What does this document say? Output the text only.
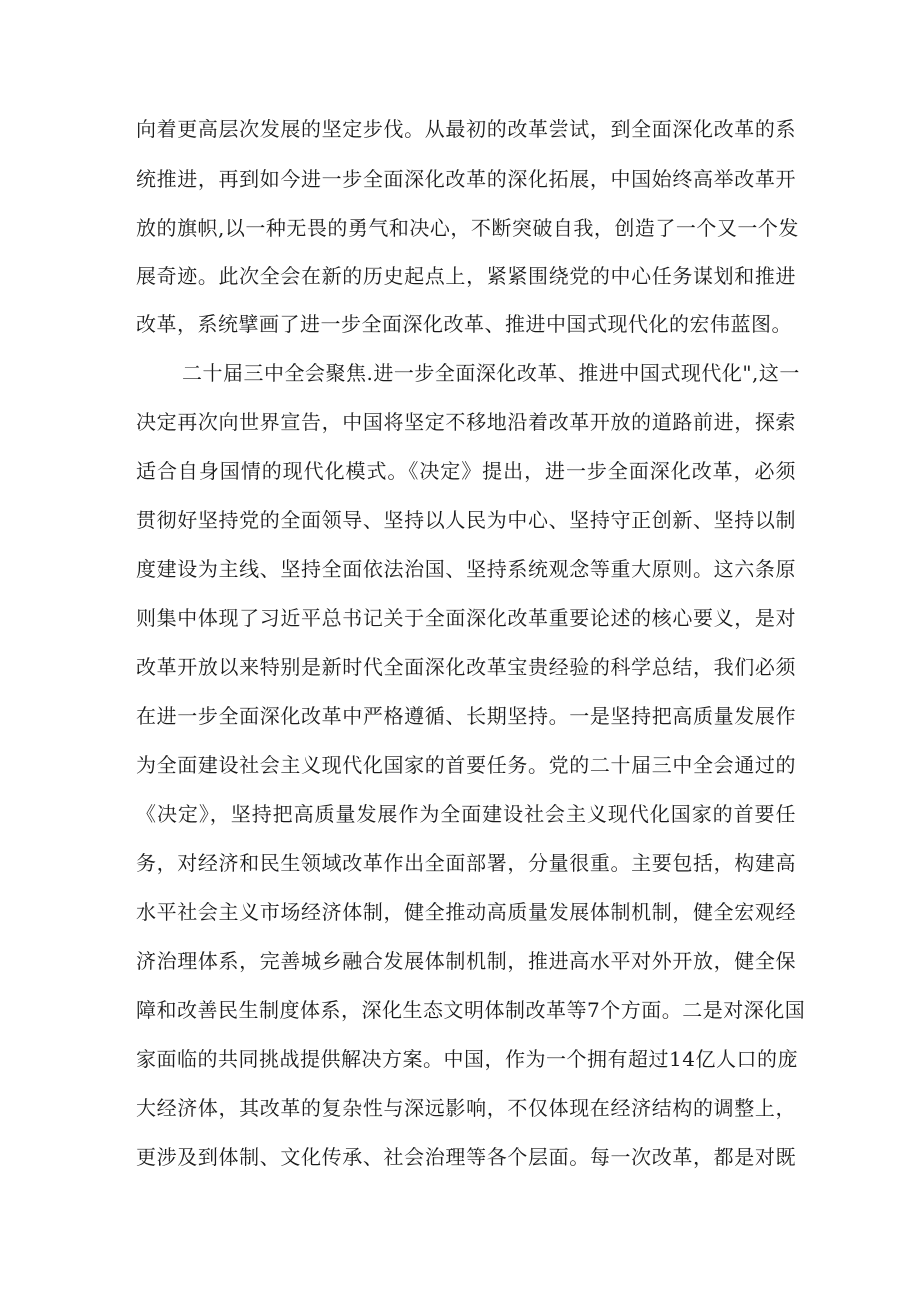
向着更高层次发展的坚定步伐。从最初的改革尝试，到全面深化改革的系
统推进，再到如今进一步全面深化改革的深化拓展，中国始终高举改革开
放的旗帜,以一种无畏的勇气和决心，不断突破自我，创造了一个又一个发
展奇迹。此次全会在新的历史起点上，紧紧围绕党的中心任务谋划和推进
改革，系统擘画了进一步全面深化改革、推进中国式现代化的宏伟蓝图。
二十届三中全会聚焦.进一步全面深化改革、推进中国式现代化",这一
决定再次向世界宣告，中国将坚定不移地沿着改革开放的道路前进，探索
适合自身国情的现代化模式。《决定》提出，进一步全面深化改革，必须
贯彻好坚持党的全面领导、坚持以人民为中心、坚持守正创新、坚持以制
度建设为主线、坚持全面依法治国、坚持系统观念等重大原则。这六条原
则集中体现了习近平总书记关于全面深化改革重要论述的核心要义，是对
改革开放以来特别是新时代全面深化改革宝贵经验的科学总结，我们必须
在进一步全面深化改革中严格遵循、长期坚持。一是坚持把高质量发展作
为全面建设社会主义现代化国家的首要任务。党的二十届三中全会通过的
《决定》，坚持把高质量发展作为全面建设社会主义现代化国家的首要任
务，对经济和民生领域改革作出全面部署，分量很重。主要包括，构建高
水平社会主义市场经济体制，健全推动高质量发展体制机制，健全宏观经
济治理体系，完善城乡融合发展体制机制，推进高水平对外开放，健全保
障和改善民生制度体系，深化生态文明体制改革等7个方面。二是对深化国
家面临的共同挑战提供解决方案。中国，作为一个拥有超过14亿人口的庞
大经济体，其改革的复杂性与深远影响，不仅体现在经济结构的调整上，
更涉及到体制、文化传承、社会治理等各个层面。每一次改革，都是对既
